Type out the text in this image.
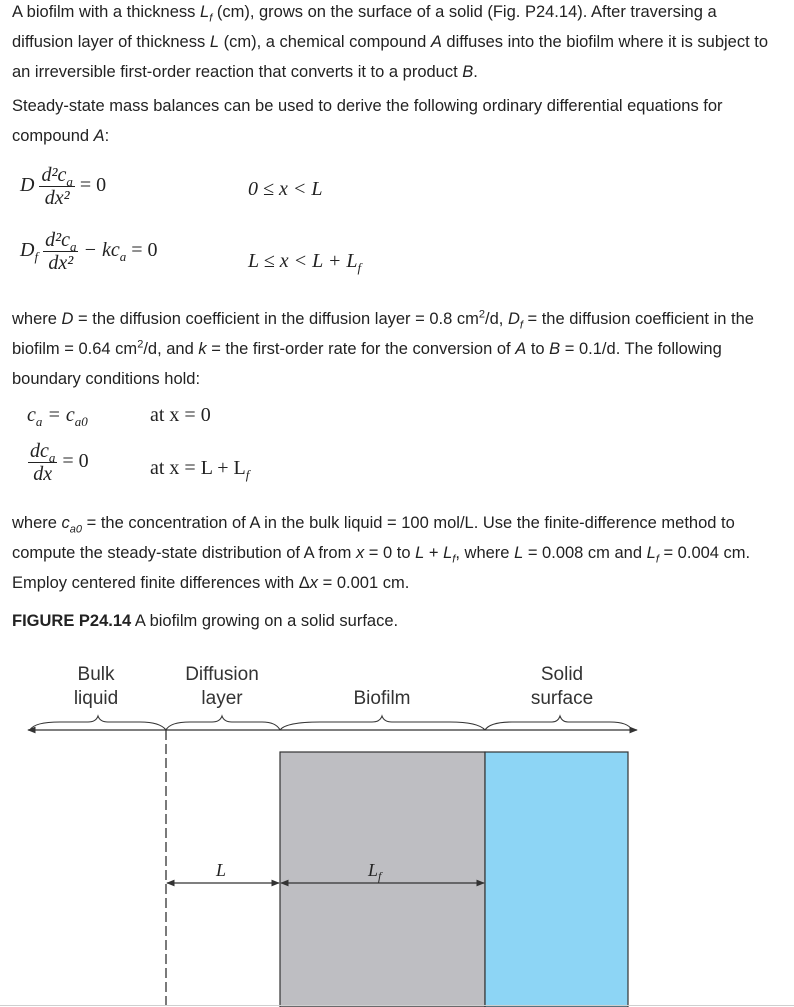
A biofilm with a thickness $L_f$ (cm), grows on the surface of a solid (Fig. P24.14). After traversing a diffusion layer of thickness L (cm), a chemical compound A diffuses into the biofilm where it is subject to an irreversible first-order reaction that converts it to a product B.

Steady-state mass balances can be used to derive the following ordinary differential equations for compound A:

D $\frac{d^2c_a}{\text{dx²}} = 0$	0 ≤ x < L
$D_f \frac{d^2c_a}{\text{dx²}} - kc_a = 0$	$L \le x < L + L_f$

where D = the diffusion coefficient in the diffusion layer = 0.8 $cm^2/d$, $D_f$ = the diffusion coefficient in the biofilm = 0.64 $cm^2/d$, and k = the first-order rate for the conversion of A to B = 0.1/d. The following boundary conditions hold:

$c_a = c_{a0}$	at x = 0
$\frac{dc_a}{dx} = 0$	at $x = L + L_f$

where $c_{a0}$ = the concentration of A in the bulk liquid = 100 mol/L. Use the finite-difference method to compute the steady-state distribution of A from x = 0 to $L + L_f$, where L = 0.008 cm and $L_f = 0.004$ cm. Employ centered finite differences with Δx = 0.001 cm.

FIGURE P24.14 A biofilm growing on a solid surface.

Bulk
liquid
Diffusion
layer	Biofilm
Solid
surface
L	$L_f$
